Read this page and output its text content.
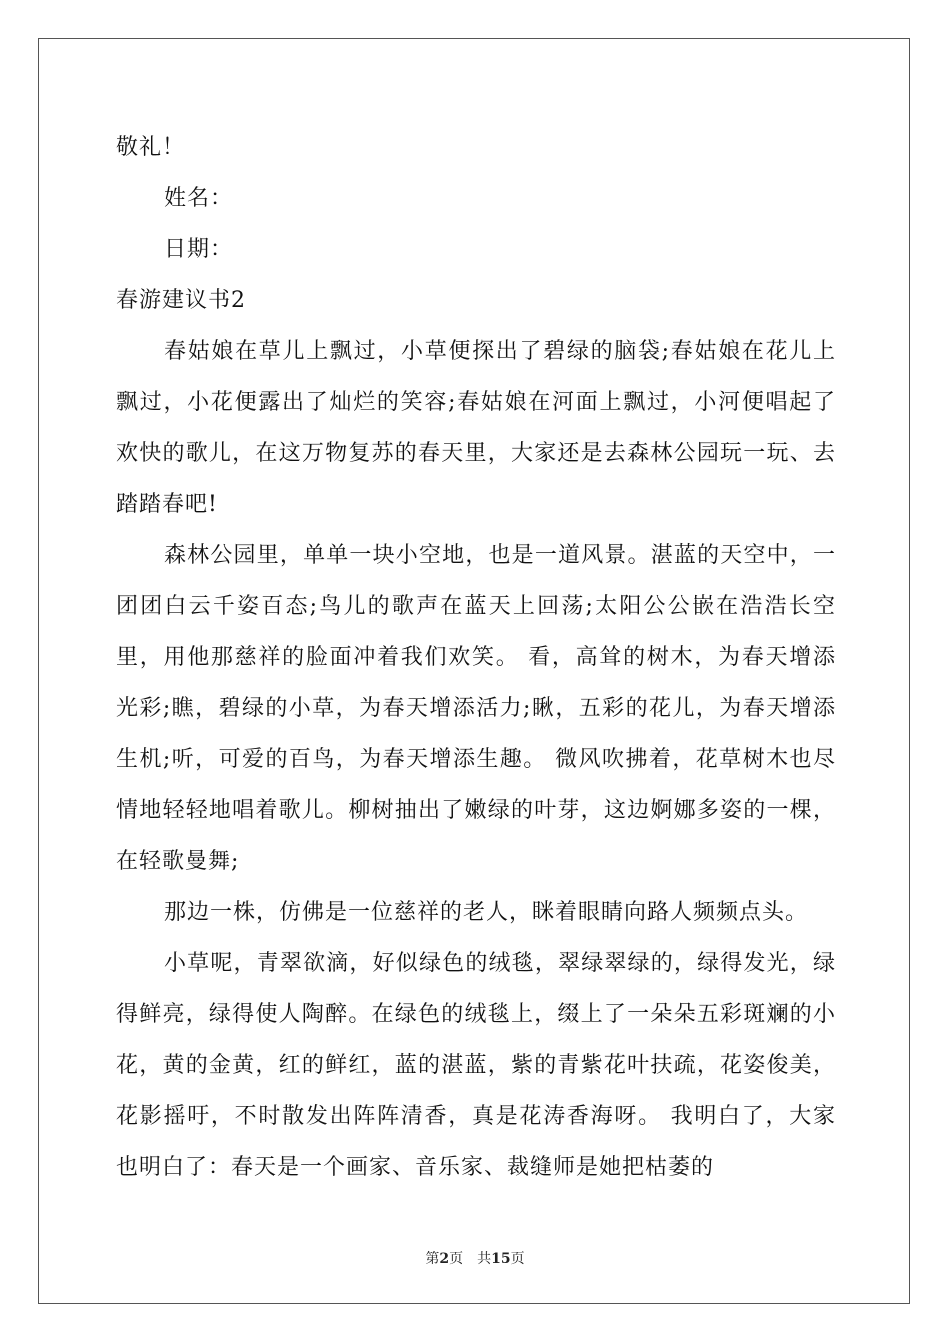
敬礼！

姓名：

日期：

春游建议书2

春姑娘在草儿上飘过，小草便探出了碧绿的脑袋;春姑娘在花儿上飘过，小花便露出了灿烂的笑容;春姑娘在河面上飘过，小河便唱起了欢快的歌儿，在这万物复苏的春天里，大家还是去森林公园玩一玩、去踏踏春吧!

森林公园里，单单一块小空地，也是一道风景。湛蓝的天空中，一团团白云千姿百态;鸟儿的歌声在蓝天上回荡;太阳公公嵌在浩浩长空里，用他那慈祥的脸面冲着我们欢笑。 看，高耸的树木，为春天增添光彩;瞧，碧绿的小草，为春天增添活力;瞅，五彩的花儿，为春天增添生机;听，可爱的百鸟，为春天增添生趣。 微风吹拂着，花草树木也尽情地轻轻地唱着歌儿。柳树抽出了嫩绿的叶芽，这边婀娜多姿的一棵，在轻歌曼舞;

那边一株，仿佛是一位慈祥的老人，眯着眼睛向路人频频点头。

小草呢，青翠欲滴，好似绿色的绒毯，翠绿翠绿的，绿得发光，绿得鲜亮，绿得使人陶醉。在绿色的绒毯上，缀上了一朵朵五彩斑斓的小花，黄的金黄，红的鲜红，蓝的湛蓝，紫的青紫花叶扶疏，花姿俊美，花影摇吁，不时散发出阵阵清香，真是花涛香海呀。 我明白了，大家也明白了：春天是一个画家、音乐家、裁缝师是她把枯萎的

第2页　共15页
